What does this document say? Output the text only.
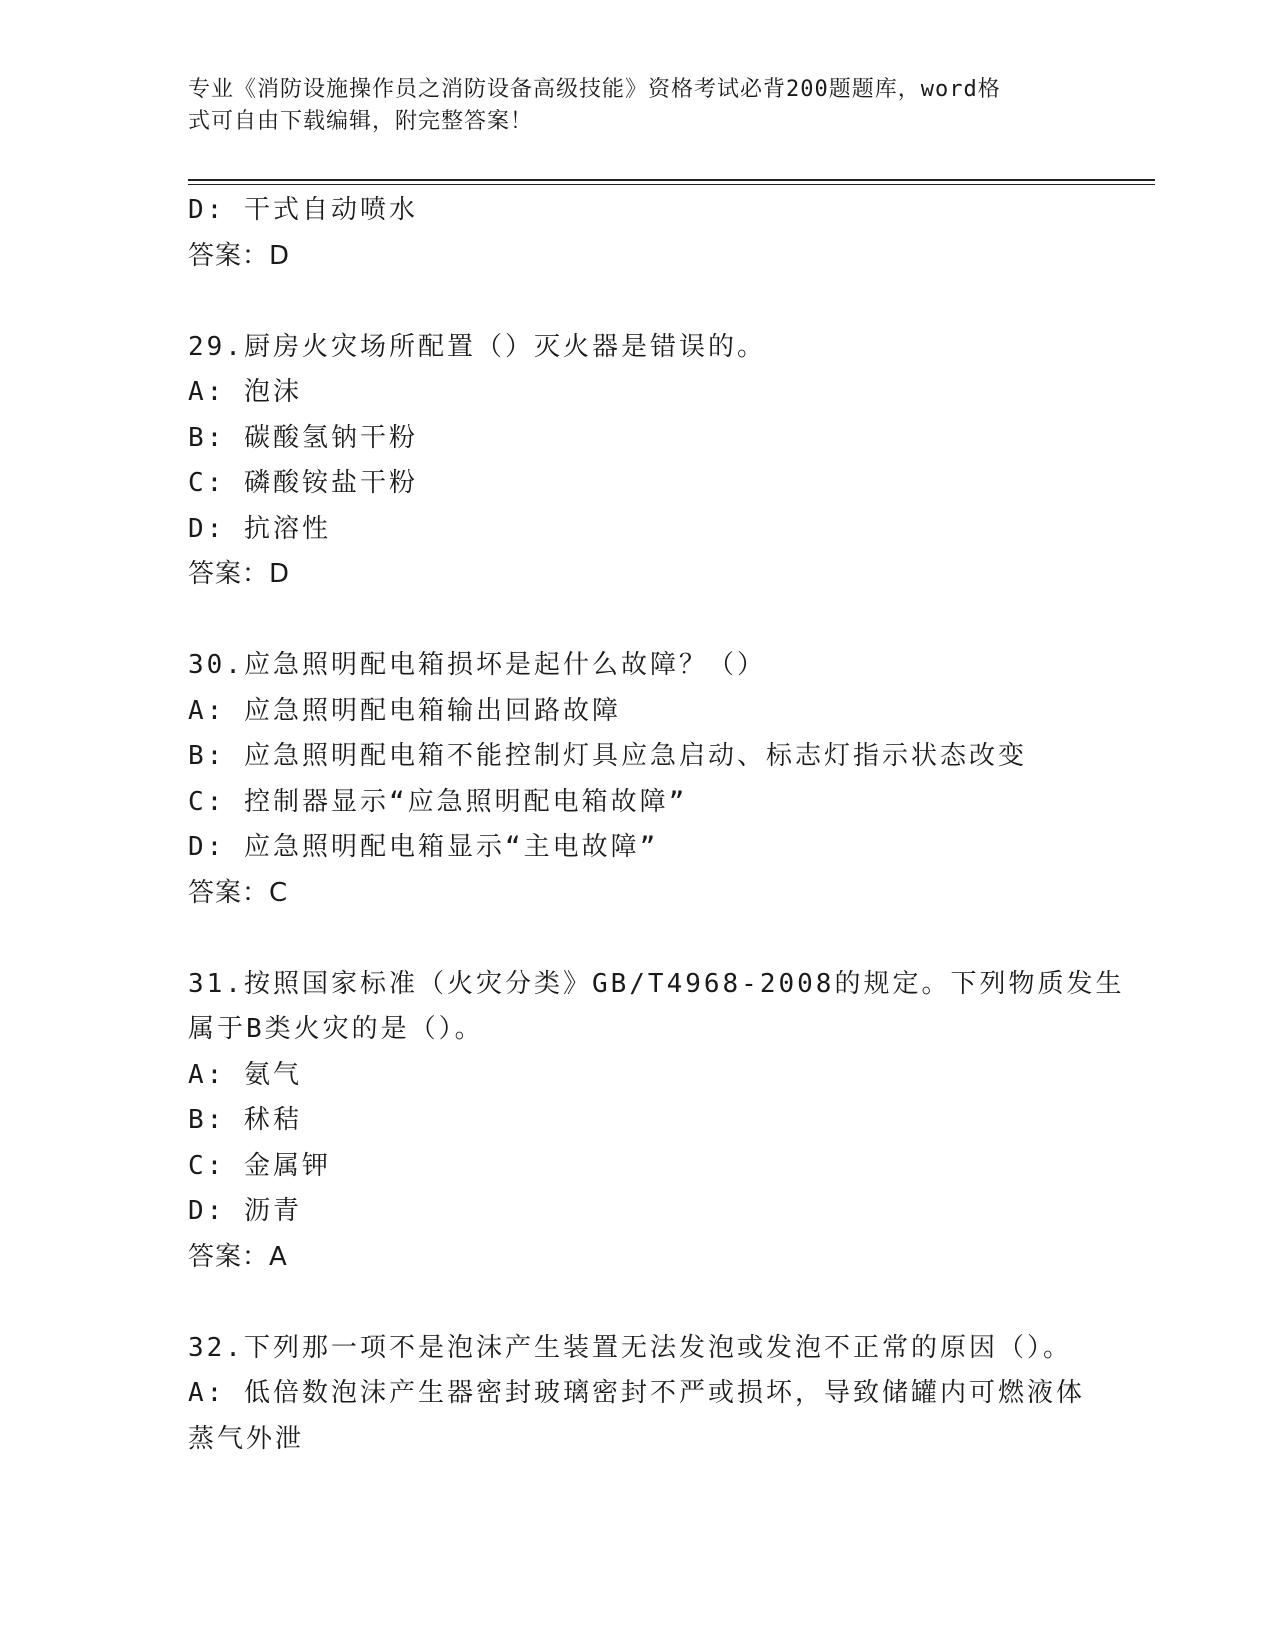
专业《消防设施操作员之消防设备高级技能》资格考试必背200题题库，word格
式可自由下载编辑，附完整答案！
D: 干式自动喷水
答案：D
29.厨房火灾场所配置（）灭火器是错误的。
A: 泡沫
B: 碳酸氢钠干粉
C: 磷酸铵盐干粉
D: 抗溶性
答案：D
30.应急照明配电箱损坏是起什么故障？（）
A: 应急照明配电箱输出回路故障
B: 应急照明配电箱不能控制灯具应急启动、标志灯指示状态改变
C: 控制器显示“应急照明配电箱故障”
D: 应急照明配电箱显示“主电故障”
答案：C
31.按照国家标准（火灾分类》GB/T4968-2008的规定。下列物质发生
属于B类火灾的是（）。
A: 氨气
B: 秫秸
C: 金属钾
D: 沥青
答案：A
32.下列那一项不是泡沫产生装置无法发泡或发泡不正常的原因（）。
A: 低倍数泡沫产生器密封玻璃密封不严或损坏，导致储罐内可燃液体
蒸气外泄
